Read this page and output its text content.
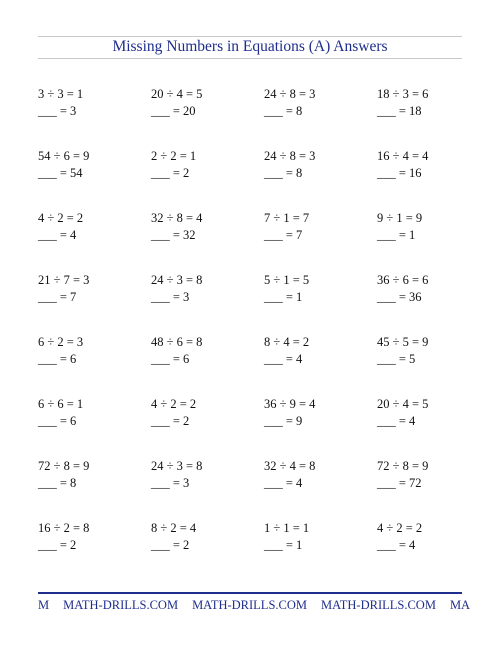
Missing Numbers in Equations (A) Answers
3 ÷ 3 = 1
___ = 3
20 ÷ 4 = 5
___ = 20
24 ÷ 8 = 3
___ = 8
18 ÷ 3 = 6
___ = 18
54 ÷ 6 = 9
___ = 54
2 ÷ 2 = 1
___ = 2
24 ÷ 8 = 3
___ = 8
16 ÷ 4 = 4
___ = 16
4 ÷ 2 = 2
___ = 4
32 ÷ 8 = 4
___ = 32
7 ÷ 1 = 7
___ = 7
9 ÷ 1 = 9
___ = 1
21 ÷ 7 = 3
___ = 7
24 ÷ 3 = 8
___ = 3
5 ÷ 1 = 5
___ = 1
36 ÷ 6 = 6
___ = 36
6 ÷ 2 = 3
___ = 6
48 ÷ 6 = 8
___ = 6
8 ÷ 4 = 2
___ = 4
45 ÷ 5 = 9
___ = 5
6 ÷ 6 = 1
___ = 6
4 ÷ 2 = 2
___ = 2
36 ÷ 9 = 4
___ = 9
20 ÷ 4 = 5
___ = 4
72 ÷ 8 = 9
___ = 8
24 ÷ 3 = 8
___ = 3
32 ÷ 4 = 8
___ = 4
72 ÷ 8 = 9
___ = 72
16 ÷ 2 = 8
___ = 2
8 ÷ 2 = 4
___ = 2
1 ÷ 1 = 1
___ = 1
4 ÷ 2 = 2
___ = 4
M MATH-DRILLS.COM MATH-DRILLS.COM MATH-DRILLS.COM MA
